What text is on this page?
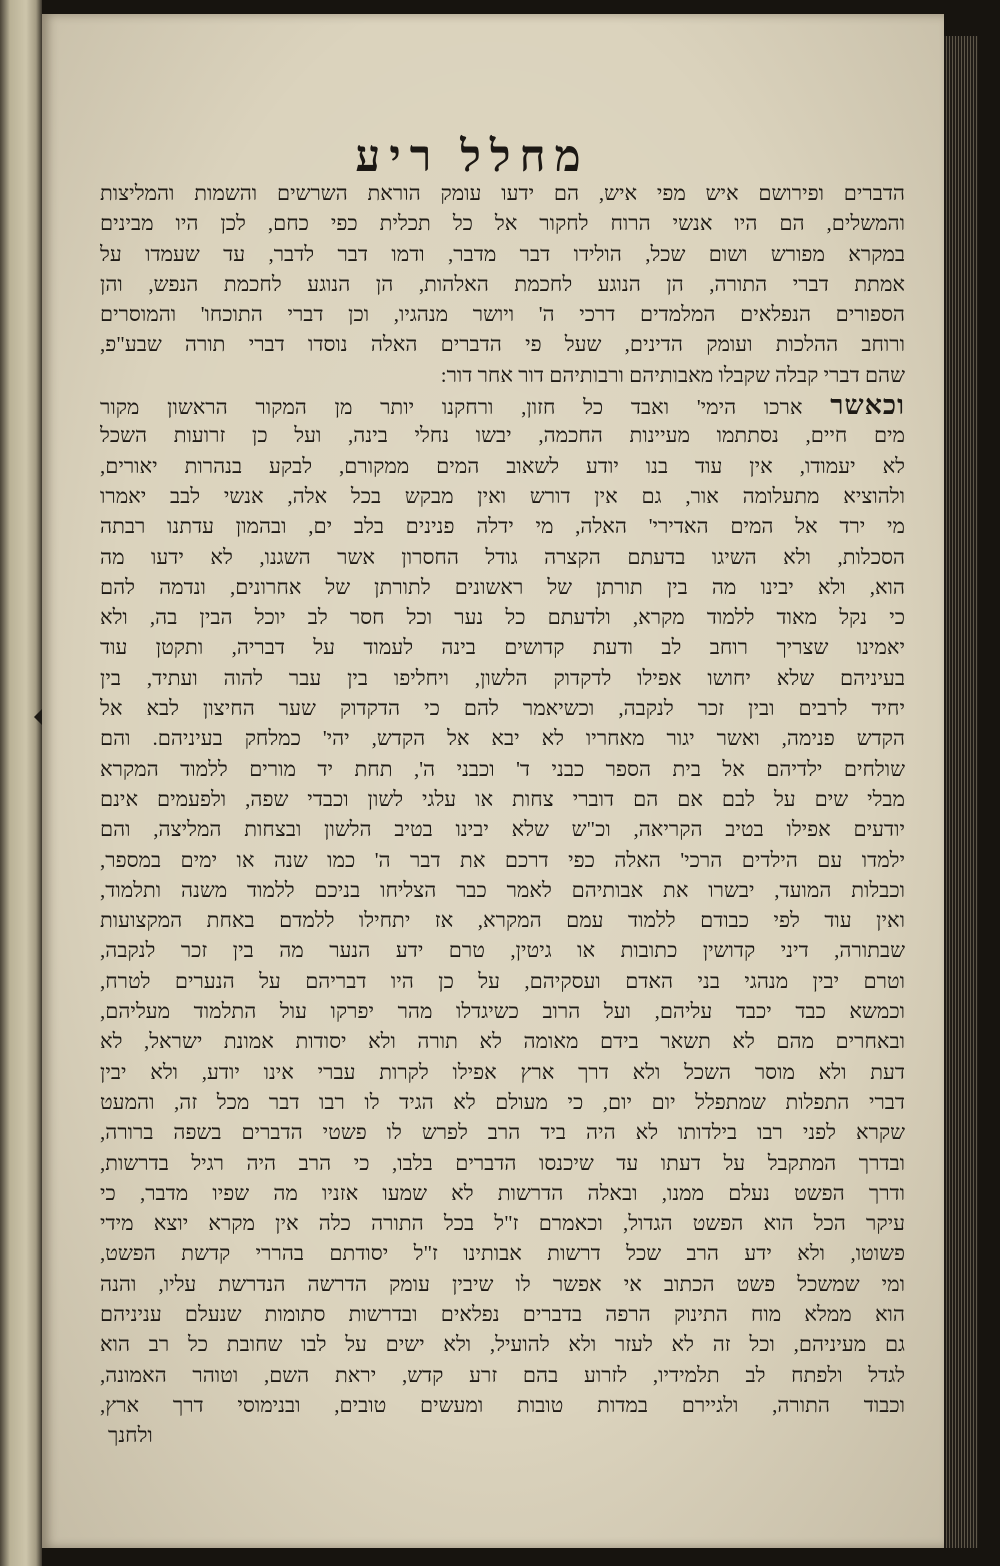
מחלל ריע
הדברים ופירושם איש מפי איש, הם ידעו עומק הוראת השרשים והשמות והמליצות
והמשלים, הם היו אנשי הרוח לחקור אל כל תכלית כפי כחם, לכן היו מבינים
במקרא מפורש ושום שכל, הולידו דבר מדבר, ודמו דבר לדבר, עד שעמדו על
אמתת דברי התורה, הן הנוגע לחכמת האלהות, הן הנוגע לחכמת הנפש, והן
הספורים הנפלאים המלמדים דרכי ה' ויושר מנהגיו, וכן דברי התוכחו' והמוסרים
ורוחב ההלכות ועומק הדינים, שעל פי הדברים האלה נוסדו דברי תורה שבע"פ,
שהם דברי קבלה שקבלו מאבותיהם ורבותיהם דור אחר דור:
וכאשר ארכו הימי' ואבד כל חזון, ורחקנו יותר מן המקור הראשון מקור
מים חיים, נסתתמו מעיינות החכמה, יבשו נחלי בינה, ועל כן זרועות השכל
לא יעמודו, אין עוד בנו יודע לשאוב המים ממקורם, לבקע בנהרות יאורים,
ולהוציא מתעלומה אור, גם אין דורש ואין מבקש בכל אלה, אנשי לבב יאמרו
מי ירד אל המים האדירי' האלה, מי ידלה פנינים בלב ים, ובהמון עדתנו רבתה
הסכלות, ולא השיגו בדעתם הקצרה גודל החסרון אשר השגנו, לא ידעו מה
הוא, ולא יבינו מה בין תורתן של ראשונים לתורתן של אחרונים, ונדמה להם
כי נקל מאוד ללמוד מקרא, ולדעתם כל נער וכל חסר לב יוכל הבין בה, ולא
יאמינו שצריך רוחב לב ודעת קדושים בינה לעמוד על דבריה, ותקטן עוד
בעיניהם שלא יחושו אפילו לדקדוק הלשון, ויחליפו בין עבר להוה ועתיד, בין
יחיד לרבים ובין זכר לנקבה, וכשיאמר להם כי הדקדוק שער החיצון לבא אל
הקדש פנימה, ואשר יגור מאחריו לא יבא אל הקדש, יהי' כמלחק בעיניהם. והם
שולחים ילדיהם אל בית הספר כבני ד' וכבני ה', תחת יד מורים ללמוד המקרא
מבלי שים על לבם אם הם דוברי צחות או עלגי לשון וכבדי שפה, ולפעמים אינם
יודעים אפילו בטיב הקריאה, וכ"ש שלא יבינו בטיב הלשון ובצחות המליצה, והם
ילמדו עם הילדים הרכי' האלה כפי דרכם את דבר ה' כמו שנה או ימים במספר,
וכבלות המועד, יבשרו את אבותיהם לאמר כבר הצליחו בניכם ללמוד משנה ותלמוד,
ואין עוד לפי כבודם ללמוד עמם המקרא, אז יתחילו ללמדם באחת המקצועות
שבתורה, דיני קדושין כתובות או גיטין, טרם ידע הנער מה בין זכר לנקבה,
וטרם יבין מנהגי בני האדם ועסקיהם, על כן היו דבריהם על הנערים לטרח,
וכמשא כבד יכבד עליהם, ועל הרוב כשיגדלו מהר יפרקו עול התלמוד מעליהם,
ובאחרים מהם לא תשאר בידם מאומה לא תורה ולא יסודות אמונת ישראל, לא
דעת ולא מוסר השכל ולא דרך ארץ אפילו לקרות עברי אינו יודע, ולא יבין
דברי התפלות שמתפלל יום יום, כי מעולם לא הגיד לו רבו דבר מכל זה, והמעט
שקרא לפני רבו בילדותו לא היה ביד הרב לפרש לו פשטי הדברים בשפה ברורה,
ובדרך המתקבל על דעתו עד שיכנסו הדברים בלבו, כי הרב היה רגיל בדרשות,
ודרך הפשט נעלם ממנו, ובאלה הדרשות לא שמעו אזניו מה שפיו מדבר, כי
עיקר הכל הוא הפשט הגדול, וכאמרם ז"ל בכל התורה כלה אין מקרא יוצא מידי
פשוטו, ולא ידע הרב שכל דרשות אבותינו ז"ל יסודתם בהררי קדשת הפשט,
ומי שמשכל פשט הכתוב אי אפשר לו שיבין עומק הדרשה הנדרשת עליו, והנה
הוא ממלא מוח התינוק הרפה בדברים נפלאים ובדרשות סתומות שנעלם עניניהם
גם מעיניהם, וכל זה לא לעזר ולא להועיל, ולא ישים על לבו שחובת כל רב הוא
לגדל ולפתח לב תלמידיו, לזרוע בהם זרע קדש, יראת השם, וטוהר האמונה,
וכבוד התורה, ולגיירם במדות טובות ומעשים טובים, ובנימוסי דרך ארץ,
ולחנך
